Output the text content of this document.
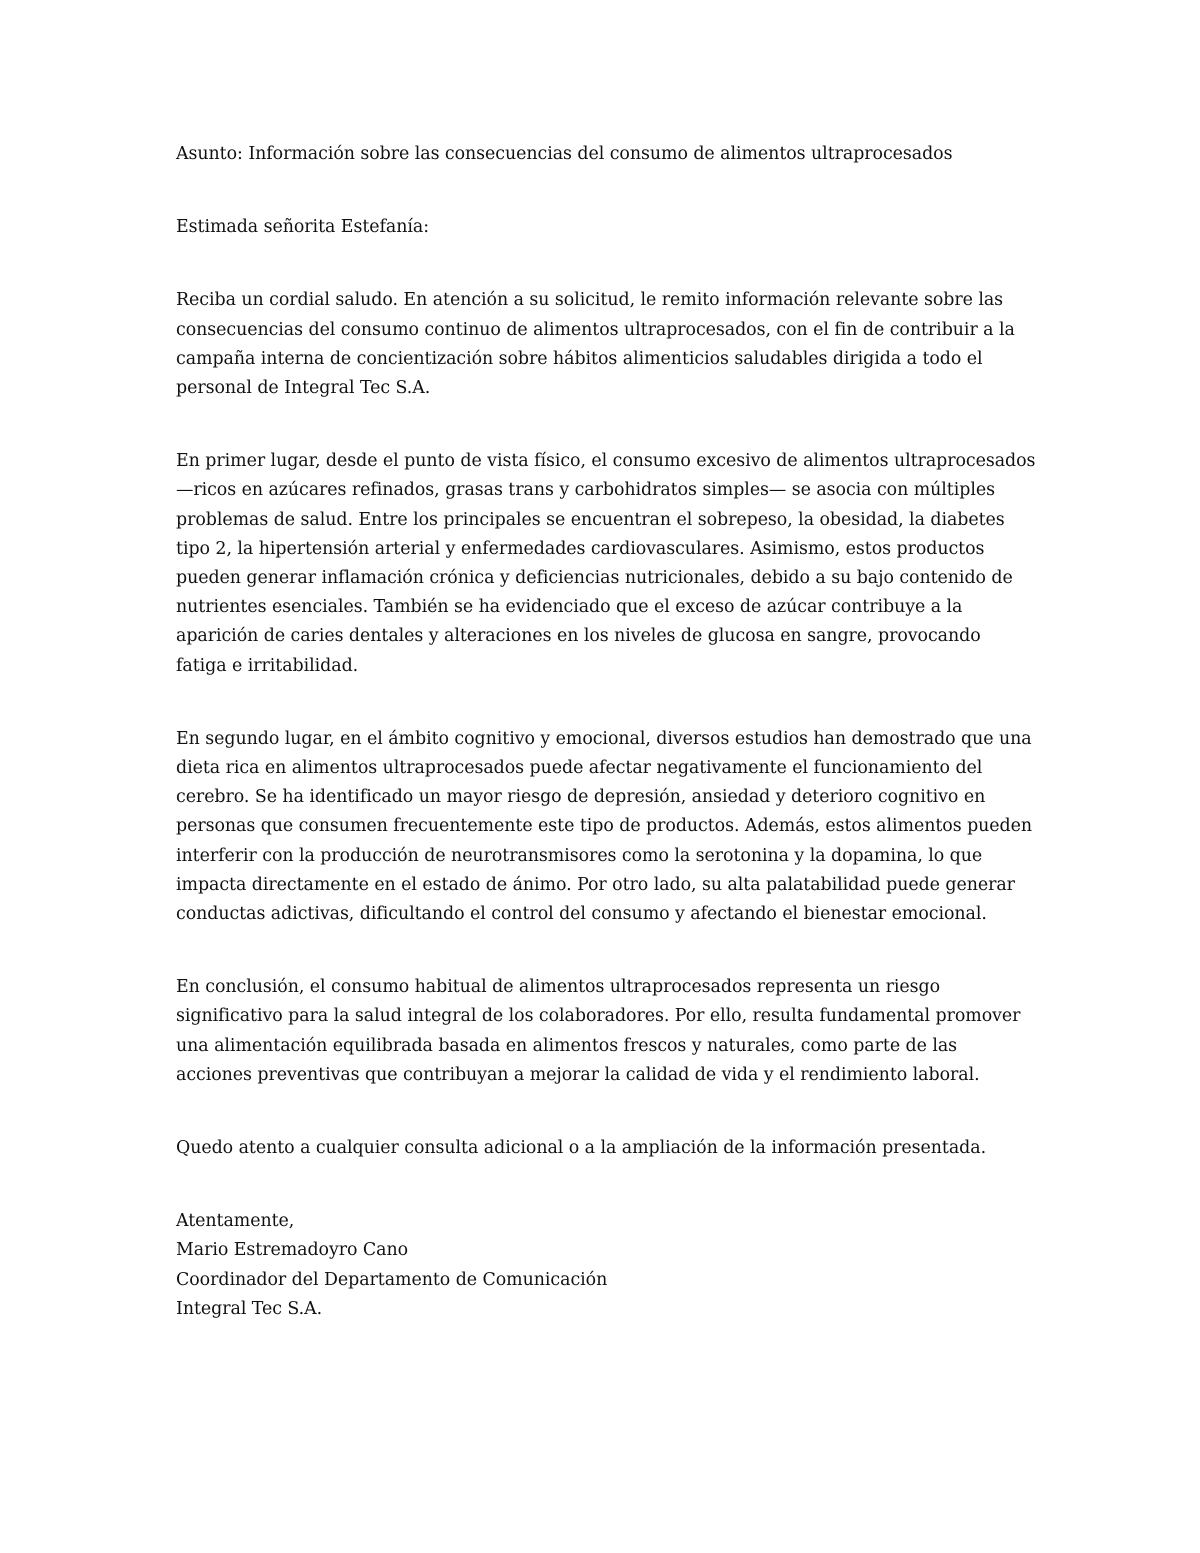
Asunto: Información sobre las consecuencias del consumo de alimentos ultraprocesados

Estimada señorita Estefanía:

Reciba un cordial saludo. En atención a su solicitud, le remito información relevante sobre las consecuencias del consumo continuo de alimentos ultraprocesados, con el fin de contribuir a la campaña interna de concientización sobre hábitos alimenticios saludables dirigida a todo el personal de Integral Tec S.A.

En primer lugar, desde el punto de vista físico, el consumo excesivo de alimentos ultraprocesados —ricos en azúcares refinados, grasas trans y carbohidratos simples— se asocia con múltiples problemas de salud. Entre los principales se encuentran el sobrepeso, la obesidad, la diabetes tipo 2, la hipertensión arterial y enfermedades cardiovasculares. Asimismo, estos productos pueden generar inflamación crónica y deficiencias nutricionales, debido a su bajo contenido de nutrientes esenciales. También se ha evidenciado que el exceso de azúcar contribuye a la aparición de caries dentales y alteraciones en los niveles de glucosa en sangre, provocando fatiga e irritabilidad.

En segundo lugar, en el ámbito cognitivo y emocional, diversos estudios han demostrado que una dieta rica en alimentos ultraprocesados puede afectar negativamente el funcionamiento del cerebro. Se ha identificado un mayor riesgo de depresión, ansiedad y deterioro cognitivo en personas que consumen frecuentemente este tipo de productos. Además, estos alimentos pueden interferir con la producción de neurotransmisores como la serotonina y la dopamina, lo que impacta directamente en el estado de ánimo. Por otro lado, su alta palatabilidad puede generar conductas adictivas, dificultando el control del consumo y afectando el bienestar emocional.

En conclusión, el consumo habitual de alimentos ultraprocesados representa un riesgo significativo para la salud integral de los colaboradores. Por ello, resulta fundamental promover una alimentación equilibrada basada en alimentos frescos y naturales, como parte de las acciones preventivas que contribuyan a mejorar la calidad de vida y el rendimiento laboral.

Quedo atento a cualquier consulta adicional o a la ampliación de la información presentada.

Atentamente,
Mario Estremadoyro Cano
Coordinador del Departamento de Comunicación
Integral Tec S.A.
